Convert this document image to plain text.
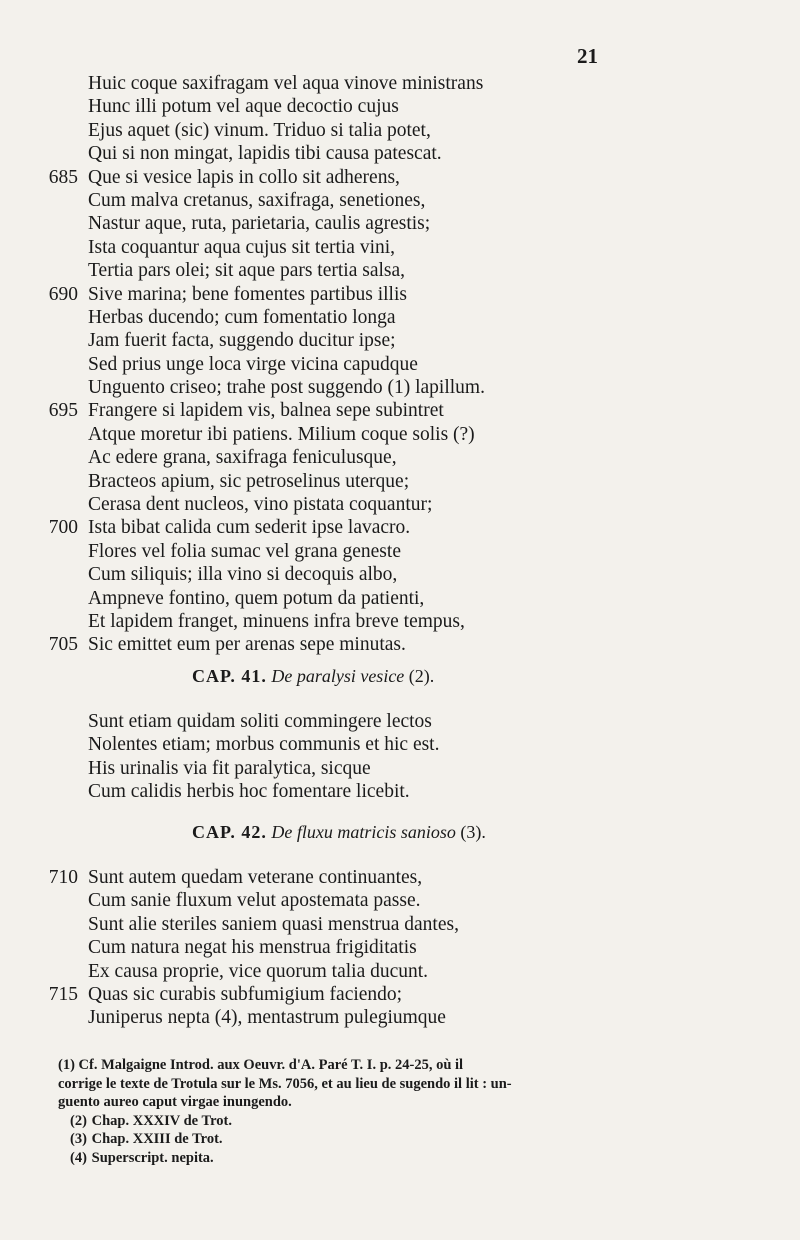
21
Huic coque saxifragam vel aqua vinove ministrans
Hunc illi potum vel aque decoctio cujus
Ejus aquet (sic) vinum. Triduo si talia potet,
Qui si non mingat, lapidis tibi causa patescat.
685 Que si vesice lapis in collo sit adherens,
Cum malva cretanus, saxifraga, senetiones,
Nastur aque, ruta, parietaria, caulis agrestis;
Ista coquantur aqua cujus sit tertia vini,
Tertia pars olei; sit aque pars tertia salsa,
690 Sive marina; bene fomentes partibus illis
Herbas ducendo; cum fomentatio longa
Jam fuerit facta, suggendo ducitur ipse;
Sed prius unge loca virge vicina capudque
Unguento criseo; trahe post suggendo (1) lapillum.
695 Frangere si lapidem vis, balnea sepe subintret
Atque moretur ibi patiens. Milium coque solis (?)
Ac edere grana, saxifraga feniculusque,
Bracteos apium, sic petroselinus uterque;
Cerasa dent nucleos, vino pistata coquantur;
700 Ista bibat calida cum sederit ipse lavacro.
Flores vel folia sumac vel grana geneste
Cum siliquis; illa vino si decoquis albo,
Ampneve fontino, quem potum da patienti,
Et lapidem franget, minuens infra breve tempus,
705 Sic emittet eum per arenas sepe minutas.
CAP. 41. De paralysi vesice (2).
Sunt etiam quidam soliti commingere lectos
Nolentes etiam; morbus communis et hic est.
His urinalis via fit paralytica, sicque
Cum calidis herbis hoc fomentare licebit.
CAP. 42. De fluxu matricis sanioso (3).
710 Sunt autem quedam veterane continuantes,
Cum sanie fluxum velut apostemata passe.
Sunt alie steriles saniem quasi menstrua dantes,
Cum natura negat his menstrua frigiditatis
Ex causa proprie, vice quorum talia ducunt.
715 Quas sic curabis subfumigium faciendo;
Juniperus nepta (4), mentastrum pulegiumque
(1) Cf. Malgaigne Introd. aux Oeuvr. d'A. Paré T. I. p. 24-25, où il
corrige le texte de Trotula sur le Ms. 7056, et au lieu de sugendo il lit : un-
guento aureo caput virgae inungendo.
(2) Chap. XXXIV de Trot.
(3) Chap. XXIII de Trot.
(4) Superscript. nepita.
